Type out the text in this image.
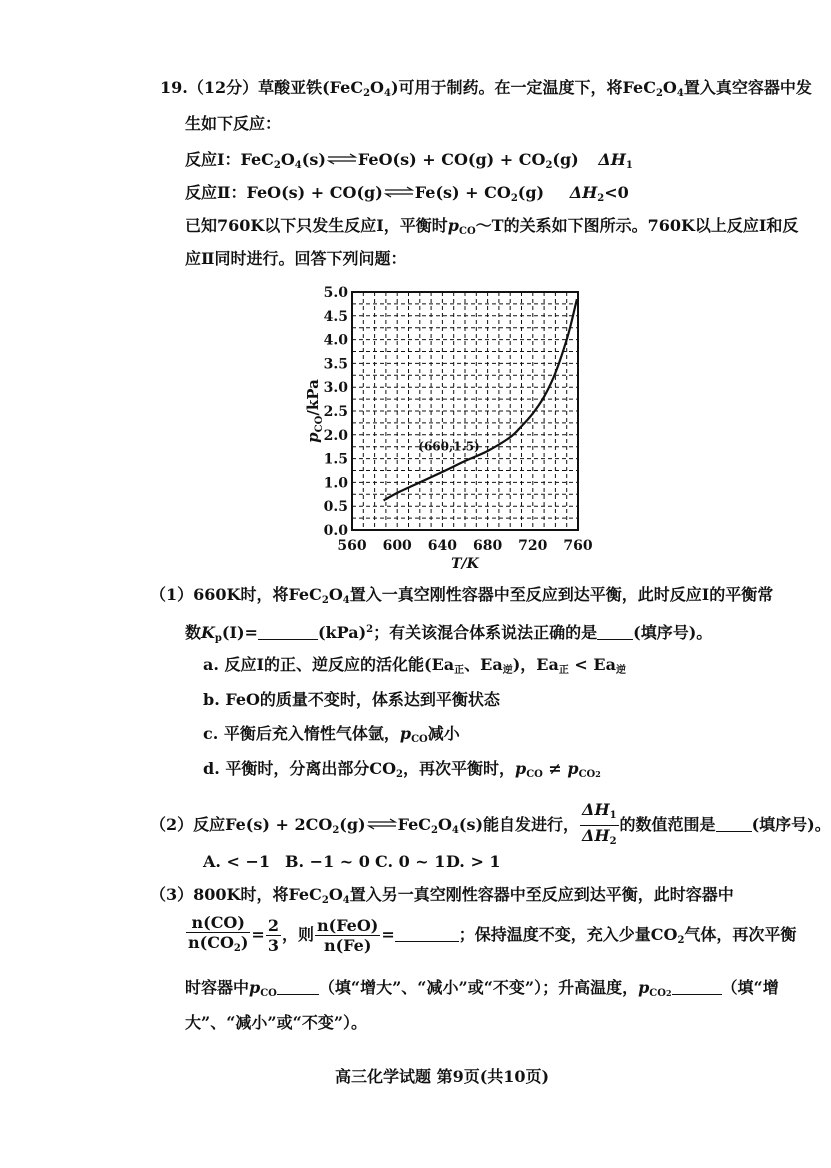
19.（12分）草酸亚铁$(FeC_2O_4)$可用于制药。在一定温度下，将$FeC_2O_4$置入真空容器中发
生如下反应：
反应Ⅰ：$FeC_2O_4(s)\rightleftharpoons FeO(s) + CO(g) + CO_2(g)$ $\Delta H_1$
反应Ⅱ：FeO(s) + CO(g)⇌Fe(s) + $CO_2(g)$ $\Delta H_2<0$
已知760K以下只发生反应Ⅰ，平衡时$p_{CO}\sim T$的关系如下图所示。760K以上反应Ⅰ和反
应Ⅱ同时进行。回答下列问题：
560 600 640 680 720 760
0.0
0.5
1.0
1.5
2.0
2.5
3.0
3.5
4.0
4.5
5.0
(660,1.5)
T/K
$p_{CO}$/kPa
（1）660K时，将$FeC_2O_4$置入一真空刚性容器中至反应到达平衡，此时反应Ⅰ的平衡常
数$K_p(Ⅰ)=$	(kPa)$^2$；有关该混合体系说法正确的是 (填序号)。
a. 反应Ⅰ的正、逆反应的活化能($Ea_正$、$Ea_逆$)，$Ea_正 < Ea_逆$
b. FeO的质量不变时，体系达到平衡状态
c. 平衡后充入惰性气体氩，$p_{CO}$减小
d. 平衡时，分离出部分$CO_2$，再次平衡时，$p_{CO} \ne p_{CO2}$
（2）反应$Fe(s) + 2CO_2(g)\rightleftharpoons FeC_2O_4(s)$能自发进行， $\frac{\Delta H_1}{\Delta H_2}$ 的数值范围是 (填序号)。
A. < −1 B. −1 ~ 0 C. 0 ~ 1 D. > 1
（3）800K时，将$FeC_2O_4$置入另一真空刚性容器中至反应到达平衡，此时容器中
$\frac{n(CO)}{n(CO_2)} = \frac{2}{3}$ ，则 $\frac{\text{n(FeO)}}{n(Fe)}$ =	；保持温度不变，充入少量$CO_2$气体，再次平衡
时容器中$p_{CO}$	（填“增大”、“减小”或“不变”）；升高温度，$p_{CO2}$	（填“增
大”、“减小”或“不变”）。
高三化学试题 第9页(共10页)
